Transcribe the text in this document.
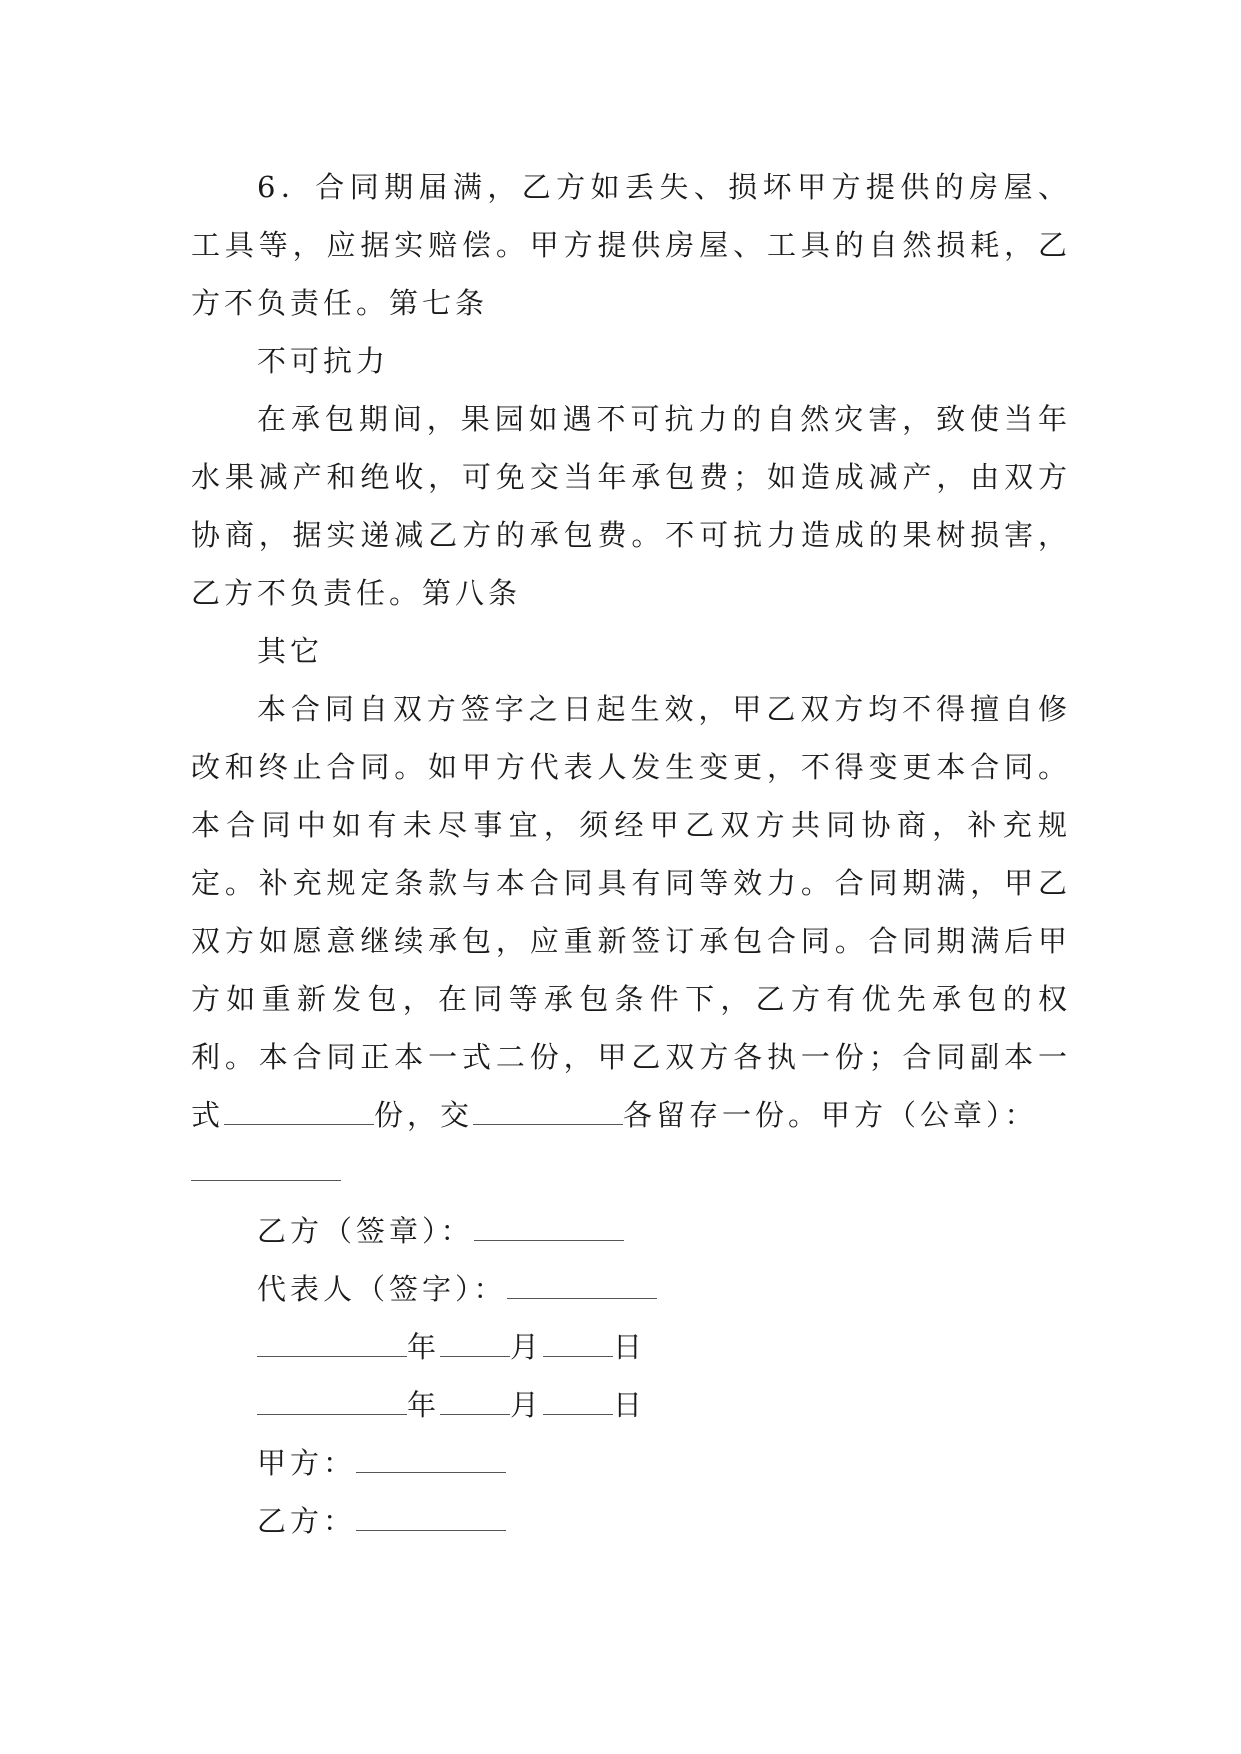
6．合同期届满，乙方如丢失、损坏甲方提供的房屋、工具等，应据实赔偿。甲方提供房屋、工具的自然损耗，乙方不负责任。第七条

不可抗力

在承包期间，果园如遇不可抗力的自然灾害，致使当年水果减产和绝收，可免交当年承包费；如造成减产，由双方协商，据实递减乙方的承包费。不可抗力造成的果树损害，乙方不负责任。第八条

其它

本合同自双方签字之日起生效，甲乙双方均不得擅自修改和终止合同。如甲方代表人发生变更，不得变更本合同。本合同中如有未尽事宜，须经甲乙双方共同协商，补充规定。补充规定条款与本合同具有同等效力。合同期满，甲乙双方如愿意继续承包，应重新签订承包合同。合同期满后甲方如重新发包，在同等承包条件下，乙方有优先承包的权利。本合同正本一式二份，甲乙双方各执一份；合同副本一式	份，交	各留存一份。甲方（公章）：

乙方（签章）：

代表人（签字）：

年 月 日

年 月 日

甲方：

乙方：
